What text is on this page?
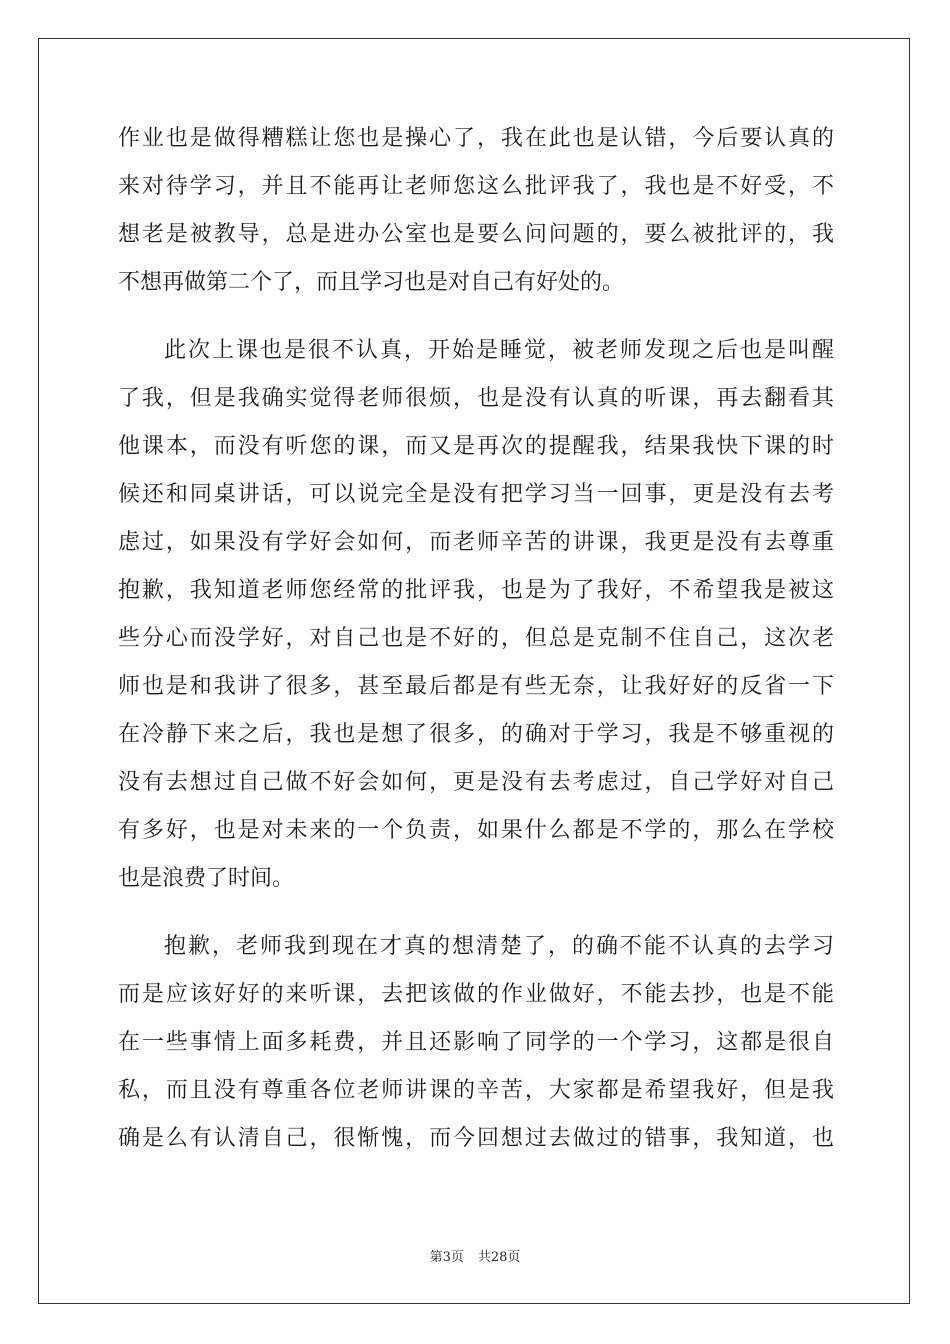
作业也是做得糟糕让您也是操心了，我在此也是认错，今后要认真的
来对待学习，并且不能再让老师您这么批评我了，我也是不好受，不
想老是被教导，总是进办公室也是要么问问题的，要么被批评的，我
不想再做第二个了，而且学习也是对自己有好处的。
此次上课也是很不认真，开始是睡觉，被老师发现之后也是叫醒
了我，但是我确实觉得老师很烦，也是没有认真的听课，再去翻看其
他课本，而没有听您的课，而又是再次的提醒我，结果我快下课的时
候还和同桌讲话，可以说完全是没有把学习当一回事，更是没有去考
虑过，如果没有学好会如何，而老师辛苦的讲课，我更是没有去尊重
抱歉，我知道老师您经常的批评我，也是为了我好，不希望我是被这
些分心而没学好，对自己也是不好的，但总是克制不住自己，这次老
师也是和我讲了很多，甚至最后都是有些无奈，让我好好的反省一下
在冷静下来之后，我也是想了很多，的确对于学习，我是不够重视的
没有去想过自己做不好会如何，更是没有去考虑过，自己学好对自己
有多好，也是对未来的一个负责，如果什么都是不学的，那么在学校
也是浪费了时间。
抱歉，老师我到现在才真的想清楚了，的确不能不认真的去学习
而是应该好好的来听课，去把该做的作业做好，不能去抄，也是不能
在一些事情上面多耗费，并且还影响了同学的一个学习，这都是很自
私，而且没有尊重各位老师讲课的辛苦，大家都是希望我好，但是我
确是么有认清自己，很惭愧，而今回想过去做过的错事，我知道，也
第3页 共28页
